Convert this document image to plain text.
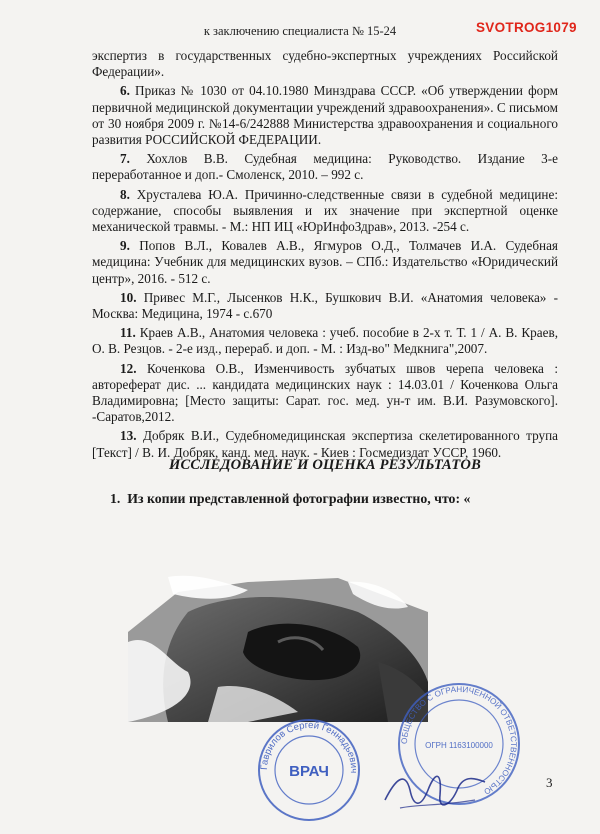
к заключению специалиста № 15-24	SVOTROG1079

экспертиз в государственных судебно-экспертных учреждениях Российской Федерации».

6. Приказ № 1030 от 04.10.1980 Минздрава СССР. «Об утверждении форм первичной медицинской документации учреждений здравоохранения». С письмом от 30 ноября 2009 г. №14-6/242888 Министерства здравоохранения и социального развития РОССИЙСКОЙ ФЕДЕРАЦИИ.

7. Хохлов В.В. Судебная медицина: Руководство. Издание 3-е переработанное и доп.- Смоленск, 2010. – 992 с.

8. Хрусталева Ю.А. Причинно-следственные связи в судебной медицине: содержание, способы выявления и их значение при экспертной оценке механической травмы. - М.: НП ИЦ «ЮрИнфоЗдрав», 2013. -254 с.

9. Попов В.Л., Ковалев А.В., Ягмуров О.Д., Толмачев И.А. Судебная медицина: Учебник для медицинских вузов. – СПб.: Издательство «Юридический центр», 2016. - 512 с.

10. Привес М.Г., Лысенков Н.К., Бушкович В.И. «Анатомия человека» - Москва: Медицина, 1974 - с.670

11. Краев А.В., Анатомия человека : учеб. пособие в 2-х т. Т. 1 / А. В. Краев, О. В. Резцов. - 2-е изд., перераб. и доп. - М. : Изд-во" Медкнига",2007.

12. Коченкова О.В., Изменчивость зубчатых швов черепа человека : автореферат дис. ... кандидата медицинских наук : 14.03.01 / Коченкова Ольга Владимировна; [Место защиты: Сарат. гос. мед. ун-т им. В.И. Разумовского]. -Саратов,2012.

13. Добряк В.И., Судебномедицинская экспертиза скелетированного трупа [Текст] / В. И. Добряк, канд. мед. наук. - Киев : Госмедиздат УССР, 1960.

ИССЛЕДОВАНИЕ И ОЦЕНКА РЕЗУЛЬТАТОВ
1. Из копии представленной фотографии известно, что: «
Гаврилов Сергей Геннадьевич
ВРАЧ
ОБЩЕСТВО С ОГРАНИЧЕННОЙ ОТВЕТСТВЕННОСТЬЮ
ОГРН 1163100000
3
